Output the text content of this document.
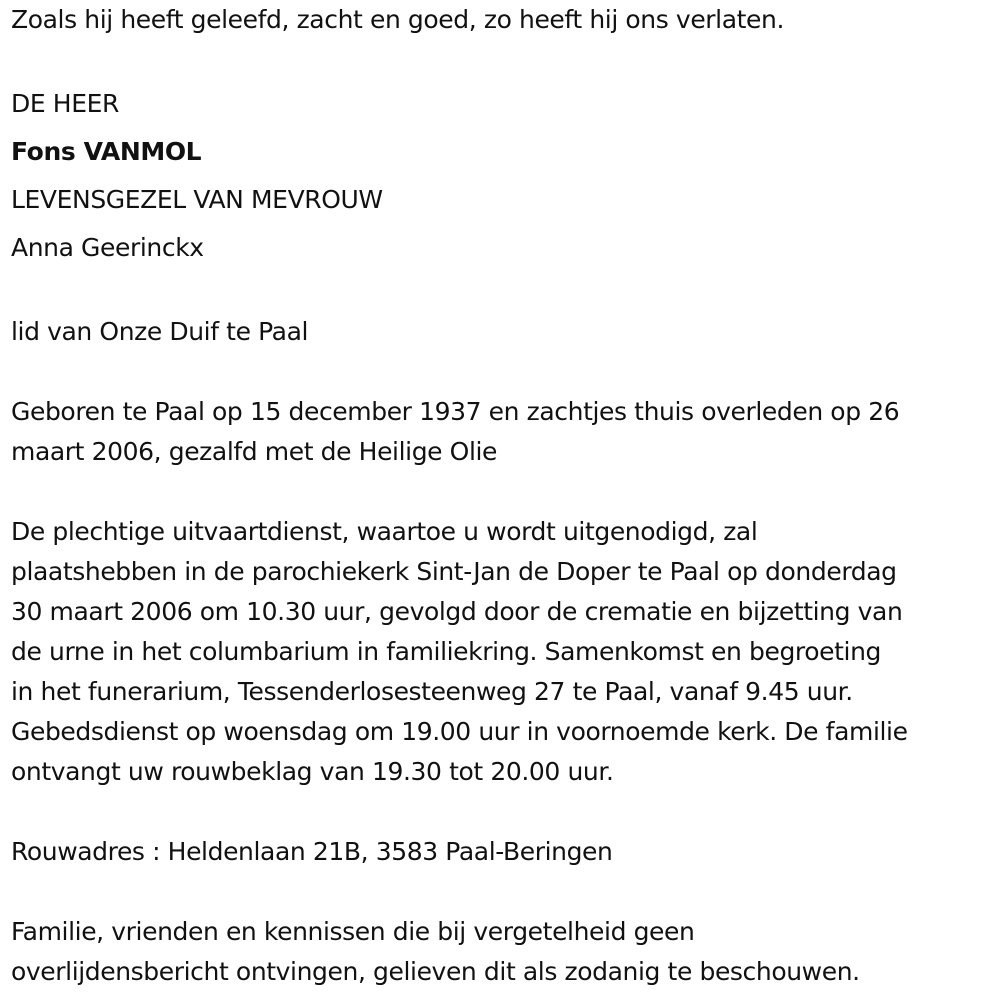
Zoals hij heeft geleefd, zacht en goed, zo heeft hij ons verlaten.
DE HEER
Fons VANMOL
LEVENSGEZEL VAN MEVROUW
Anna Geerinckx
lid van Onze Duif te Paal
Geboren te Paal op 15 december 1937 en zachtjes thuis overleden op 26
maart 2006, gezalfd met de Heilige Olie
De plechtige uitvaartdienst, waartoe u wordt uitgenodigd, zal
plaatshebben in de parochiekerk Sint-Jan de Doper te Paal op donderdag
30 maart 2006 om 10.30 uur, gevolgd door de crematie en bijzetting van
de urne in het columbarium in familiekring. Samenkomst en begroeting
in het funerarium, Tessenderlosesteenweg 27 te Paal, vanaf 9.45 uur.
Gebedsdienst op woensdag om 19.00 uur in voornoemde kerk. De familie
ontvangt uw rouwbeklag van 19.30 tot 20.00 uur.
Rouwadres : Heldenlaan 21B, 3583 Paal-Beringen
Familie, vrienden en kennissen die bij vergetelheid geen
overlijdensbericht ontvingen, gelieven dit als zodanig te beschouwen.
